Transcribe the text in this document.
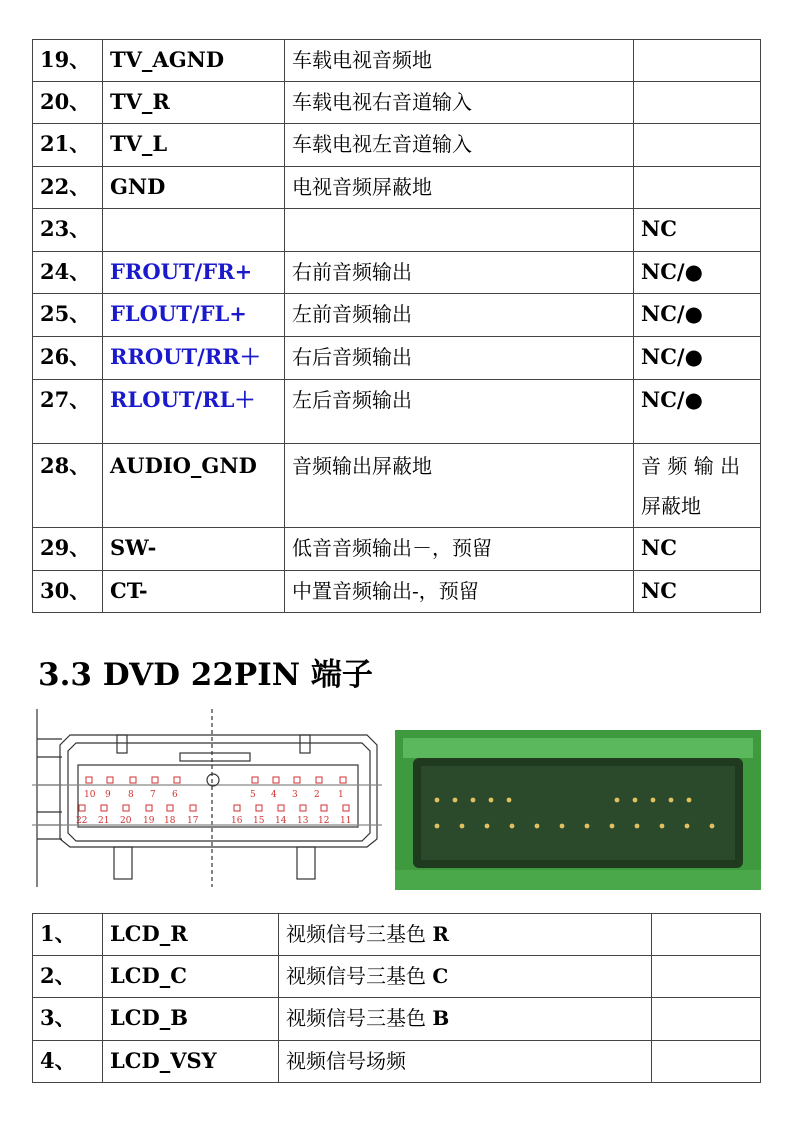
19、	TV_AGND	车载电视音频地	
20、	TV_R	车载电视右音道输入	
21、	TV_L	车载电视左音道输入	
22、	GND	电视音频屏蔽地	
23、			NC
24、	FROUT/FR+	右前音频输出	NC/●
25、	FLOUT/FL+	左前音频输出	NC/●
26、	RROUT/RR＋	右后音频输出	NC/●
27、	RLOUT/RL＋	左后音频输出	NC/●
28、	AUDIO_GND	音频输出屏蔽地	音 频 输 出
屏蔽地
29、	SW-	低音音频输出－，预留	NC
30、	CT-	中置音频输出-，预留	NC
3.3 DVD 22PIN 端子
10 9 8 7 6	5 4 3 2 1
22 21 20 19 18 17	16 15 14 13 12 11
1、	LCD_R	视频信号三基色 R	
2、	LCD_C	视频信号三基色 C	
3、	LCD_B	视频信号三基色 B	
4、	LCD_VSY	视频信号场频	
